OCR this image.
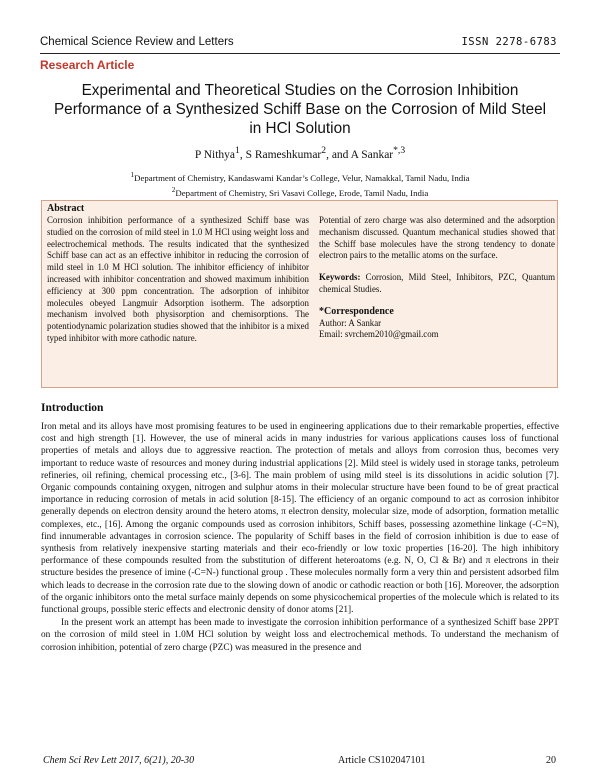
Chemical Science Review and Letters	ISSN 2278-6783
Research Article
Experimental and Theoretical Studies on the Corrosion Inhibition Performance of a Synthesized Schiff Base on the Corrosion of Mild Steel in HCl Solution
P Nithya$^1$, S Rameshkumar$^2$, and A Sankar$^{*,3}$
$^1$Department of Chemistry, Kandaswami Kandar’s College, Velur, Namakkal, Tamil Nadu, India
$^2$Department of Chemistry, Sri Vasavi College, Erode, Tamil Nadu, India
Abstract

Corrosion inhibition performance of a synthesized Schiff base was studied on the corrosion of mild steel in 1.0 M HCl using weight loss and eelectrochemical methods. The results indicated that the synthesized Schiff base can act as an effective inhibitor in reducing the corrosion of mild steel in 1.0 M HCl solution. The inhibitor efficiency of inhibitor increased with inhibitor concentration and showed maximum inhibition efficiency at 300 ppm concentration. The adsorption of inhibitor molecules obeyed Langmuir Adsorption isotherm. The adsorption mechanism involved both physisorption and chemisorptions. The potentiodynamic polarization studies showed that the inhibitor is a mixed typed inhibitor with more cathodic nature.

Potential of zero charge was also determined and the adsorption mechanism discussed. Quantum mechanical studies showed that the Schiff base molecules have the strong tendency to donate electron pairs to the metallic atoms on the surface.

Keywords: Corrosion, Mild Steel, Inhibitors, PZC, Quantum chemical Studies.

*Correspondence

Author: A Sankar

Email: svrchem2010@gmail.com

Introduction

Iron metal and its alloys have most promising features to be used in engineering applications due to their remarkable properties, effective cost and high strength [1]. However, the use of mineral acids in many industries for various applications causes loss of functional properties of metals and alloys due to aggressive reaction. The protection of metals and alloys from corrosion thus, becomes very important to reduce waste of resources and money during industrial applications [2]. Mild steel is widely used in storage tanks, petroleum refineries, oil refining, chemical processing etc., [3-6]. The main problem of using mild steel is its dissolutions in acidic solution [7]. Organic compounds containing oxygen, nitrogen and sulphur atoms in their molecular structure have been found to be of great practical importance in reducing corrosion of metals in acid solution [8-15]. The efficiency of an organic compound to act as corrosion inhibitor generally depends on electron density around the hetero atoms, π electron density, molecular size, mode of adsorption, formation metallic complexes, etc., [16]. Among the organic compounds used as corrosion inhibitors, Schiff bases, possessing azomethine linkage (-C=N), find innumerable advantages in corrosion science. The popularity of Schiff bases in the field of corrosion inhibition is due to ease of synthesis from relatively inexpensive starting materials and their eco-friendly or low toxic properties [16-20]. The high inhibitory performance of these compounds resulted from the substitution of different heteroatoms (e.g. N, O, Cl & Br) and π electrons in their structure besides the presence of imine (-C=N-) functional group . These molecules normally form a very thin and persistent adsorbed film which leads to decrease in the corrosion rate due to the slowing down of anodic or cathodic reaction or both [16]. Moreover, the adsorption of the organic inhibitors onto the metal surface mainly depends on some physicochemical properties of the molecule which is related to its functional groups, possible steric effects and electronic density of donor atoms [21].

In the present work an attempt has been made to investigate the corrosion inhibition performance of a synthesized Schiff base 2PPT on the corrosion of mild steel in 1.0M HCl solution by weight loss and electrochemical methods. To understand the mechanism of corrosion inhibition, potential of zero charge (PZC) was measured in the presence and

Chem Sci Rev Lett 2017, 6(21), 20-30	Article CS102047101	20
